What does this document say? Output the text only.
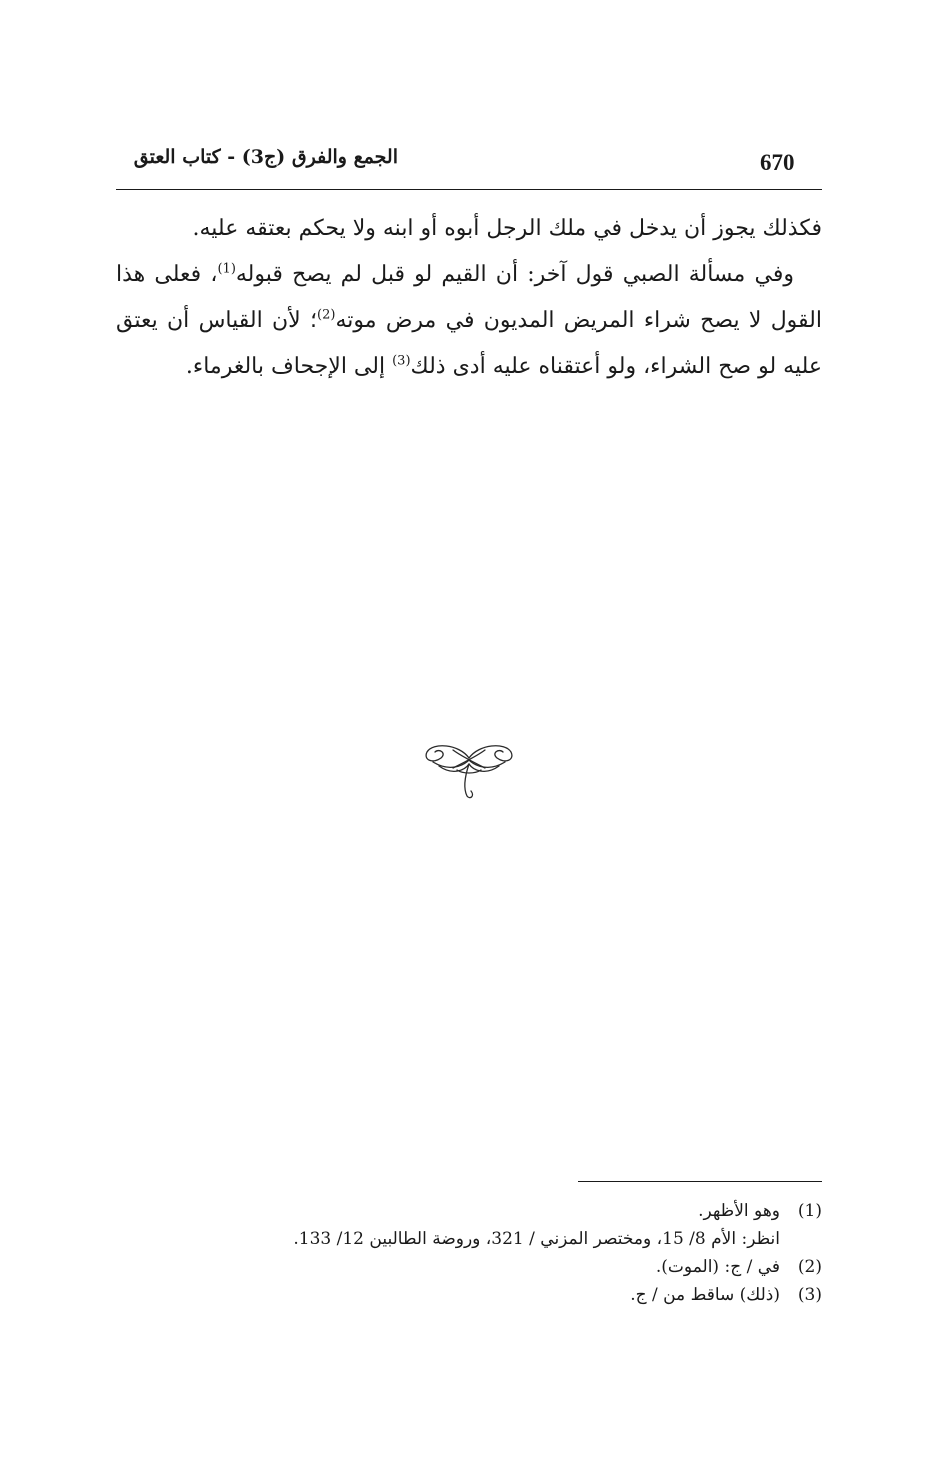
670
الجمع والفرق (ج3) - كتاب العتق

فكذلك يجوز أن يدخل في ملك الرجل أبوه أو ابنه ولا يحكم بعتقه عليه.

وفي مسألة الصبي قول آخر: أن القيم لو قبل لم يصح قبوله$^{(1)}$، فعلى هذا القول لا يصح شراء المريض المديون في مرض موته$^{(2)}$؛ لأن القياس أن يعتق عليه لو صح الشراء، ولو أعتقناه عليه أدى ذلك$^{(3)}$ إلى الإجحاف بالغرماء.

(1)وهو الأظهر.

انظر: الأم 8/ 15، ومختصر المزني / 321، وروضة الطالبين 12/ 133.

(2)في / ج: (الموت).

(3)(ذلك) ساقط من / ج.
